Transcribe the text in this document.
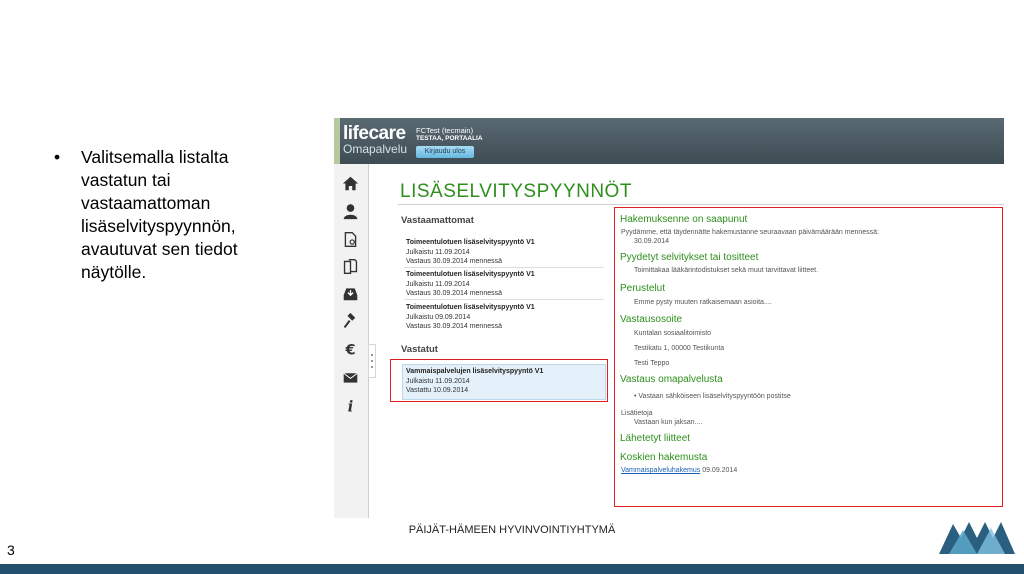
• Valitsemalla listalta vastatun tai vastaamattoman lisäselvityspyynnön, avautuvat sen tiedot näytölle.
lifecare
Omapalvelu
FCTest (tecmain)
TESTAA, PORTAALIA
Kirjaudu ulos
€
i
LISÄSELVITYSPYYNNÖT
Vastaamattomat
Toimeentulotuen lisäselvityspyyntö V1
Julkaistu 11.09.2014
Vastaus 30.09.2014 mennessä
Toimeentulotuen lisäselvityspyyntö V1
Julkaistu 11.09.2014
Vastaus 30.09.2014 mennessä
Toimeentulotuen lisäselvityspyyntö V1
Julkaistu 09.09.2014
Vastaus 30.09.2014 mennessä
Vastatut
Vammaispalvelujen lisäselvityspyyntö V1
Julkaistu 11.09.2014
Vastattu 10.09.2014
Hakemuksenne on saapunut
Pyydämme, että täydennätte hakemustanne seuraavaan päivämäärään mennessä:
30.09.2014
Pyydetyt selvitykset tai tositteet
Toimittakaa lääkärintodistukset sekä muut tarvittavat liitteet.
Perustelut
Emme pysty muuten ratkaisemaan asioita....
Vastausosoite
Kuntalan sosiaalitoimisto
Testikatu 1, 00000 Testikunta
Testi Teppo
Vastaus omapalvelusta
• Vastaan sähköiseen lisäselvityspyyntöön postitse
Lisätietoja
Vastaan kun jaksan....
Lähetetyt liitteet
Koskien hakemusta
Vammaispalveluhakemus 09.09.2014
PÄIJÄT-HÄMEEN HYVINVOINTIYHTYMÄ
3
